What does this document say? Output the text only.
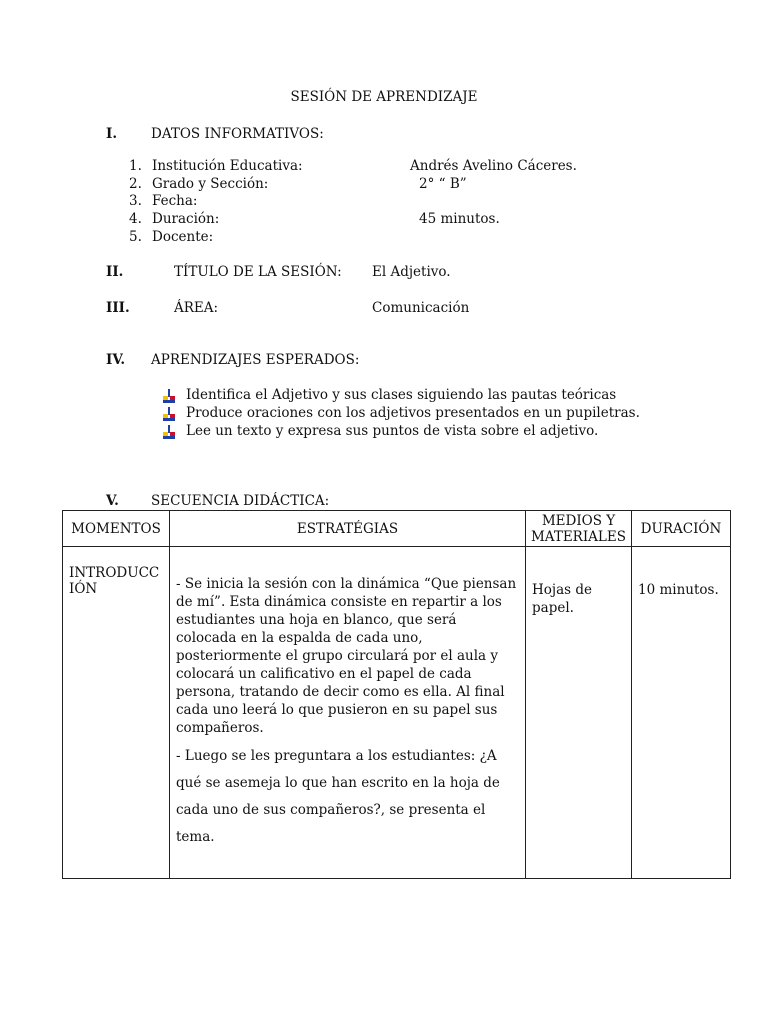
SESIÓN DE APRENDIZAJE
I.	DATOS INFORMATIVOS:
1. Institución Educativa:	Andrés Avelino Cáceres.
2. Grado y Sección:	2° “ B”
3. Fecha:
4. Duración:	45 minutos.
5. Docente:
II.	TÍTULO DE LA SESIÓN: El Adjetivo.
III.	ÁREA:	Comunicación
IV. APRENDIZAJES ESPERADOS:
Identifica el Adjetivo y sus clases siguiendo las pautas teóricas
Produce oraciones con los adjetivos presentados en un pupiletras.
Lee un texto y expresa sus puntos de vista sobre el adjetivo.
V. SECUENCIA DIDÁCTICA:
MOMENTOS	ESTRATÉGIAS	MEDIOS Y MATERIALES	DURACIÓN
INTRODUCCIÓN	- Se inicia la sesión con la dinámica “Que piensan de mí”. Esta dinámica consiste en repartir a los estudiantes una hoja en blanco, que será colocada en la espalda de cada uno, posteriormente el grupo circulará por el aula y colocará un calificativo en el papel de cada persona, tratando de decir como es ella. Al final cada uno leerá lo que pusieron en su papel sus compañeros.

- Luego se les preguntara a los estudiantes: ¿A qué se asemeja lo que han escrito en la hoja de cada uno de sus compañeros?, se presenta el tema.	Hojas de papel.	10 minutos.
